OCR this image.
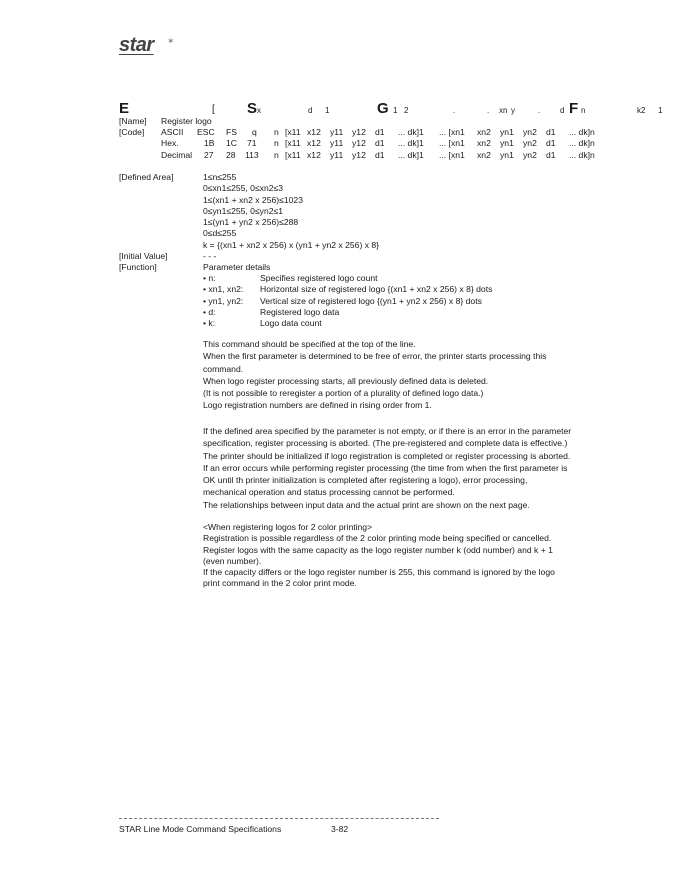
star ✶
E	[ S x	d 1	G 1 2	.	. xn y	. d F n	k2 1
[Name] Register logo
[Code] ASCII ESC FS q n [x11 x12 y11 y12 d1 ... dk]1 ... [xn1 xn2 yn1 yn2 d1 ... dk]n
Hex.	1B 1C 71 n [x11 x12 y11 y12 d1 ... dk]1 ... [xn1 xn2 yn1 yn2 d1 ... dk]n
Decimal 27 28 113 n [x11 x12 y11 y12 d1 ... dk]1 ... [xn1 xn2 yn1 yn2 d1 ... dk]n
[Defined Area]	1≤n≤255
0≤xn1≤255, 0≤xn2≤3
1≤(xn1 + xn2 x 256)≤1023
0≤yn1≤255, 0≤yn2≤1
1≤(yn1 + yn2 x 256)≤288
0≤d≤255
k = {(xn1 + xn2 x 256) x (yn1 + yn2 x 256) x 8}
[Initial Value]	- - -
[Function]	Parameter details
• n:	Specifies registered logo count
• xn1, xn2: Horizontal size of registered logo {(xn1 + xn2 x 256) x 8} dots
• yn1, yn2: Vertical size of registered logo {(yn1 + yn2 x 256) x 8} dots
• d:	Registered logo data
• k:	Logo data count
This command should be specified at the top of the line.
When the first parameter is determined to be free of error, the printer starts processing this
command.
When logo register processing starts, all previously defined data is deleted.
(It is not possible to reregister a portion of a plurality of defined logo data.)
Logo registration numbers are defined in rising order from 1.
If the defined area specified by the parameter is not empty, or if there is an error in the parameter
specification, register processing is aborted. (The pre-registered and complete data is effective.)
The printer should be initialized if logo registration is completed or register processing is aborted.
If an error occurs while performing register processing (the time from when the first parameter is
OK until th printer initialization is completed after registering a logo), error processing,
mechanical operation and status processing cannot be performed.
The relationships between input data and the actual print are shown on the next page.
<When registering logos for 2 color printing>
Registration is possible regardless of the 2 color printing mode being specified or cancelled.
Register logos with the same capacity as the logo register number k (odd number) and k + 1
(even number).
If the capacity differs or the logo register number is 255, this command is ignored by the logo
print command in the 2 color print mode.
STAR Line Mode Command Specifications	3-82
